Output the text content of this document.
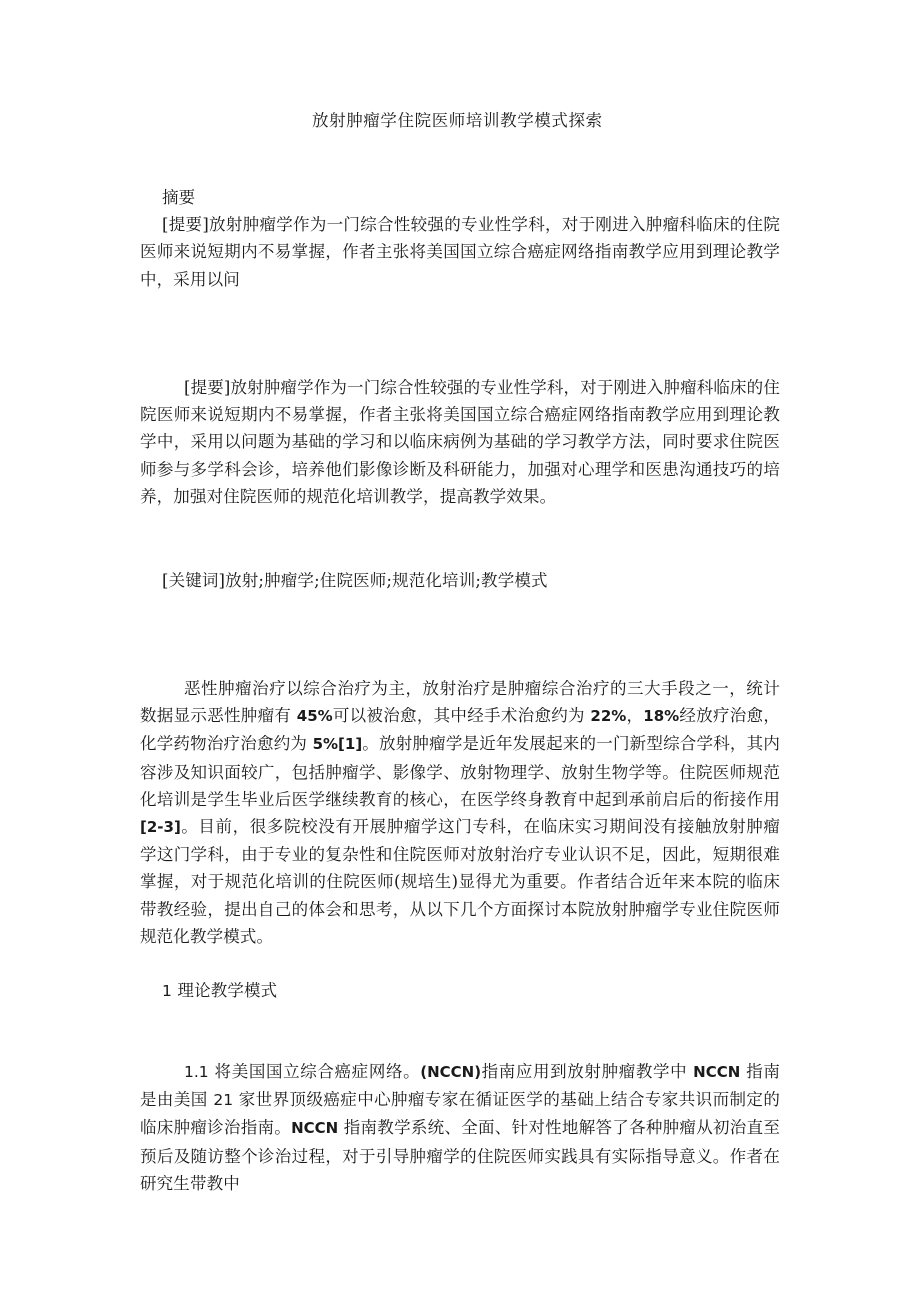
放射肿瘤学住院医师培训教学模式探索

摘要

[提要]放射肿瘤学作为一门综合性较强的专业性学科，对于刚进入肿瘤科临床的住院医师来说短期内不易掌握，作者主张将美国国立综合癌症网络指南教学应用到理论教学中，采用以问

[提要]放射肿瘤学作为一门综合性较强的专业性学科，对于刚进入肿瘤科临床的住院医师来说短期内不易掌握，作者主张将美国国立综合癌症网络指南教学应用到理论教学中，采用以问题为基础的学习和以临床病例为基础的学习教学方法，同时要求住院医师参与多学科会诊，培养他们影像诊断及科研能力，加强对心理学和医患沟通技巧的培养，加强对住院医师的规范化培训教学，提高教学效果。

[关键词]放射;肿瘤学;住院医师;规范化培训;教学模式

恶性肿瘤治疗以综合治疗为主，放射治疗是肿瘤综合治疗的三大手段之一，统计数据显示恶性肿瘤有 45%可以被治愈，其中经手术治愈约为 22%，18%经放疗治愈，化学药物治疗治愈约为 5%[1]。放射肿瘤学是近年发展起来的一门新型综合学科，其内容涉及知识面较广，包括肿瘤学、影像学、放射物理学、放射生物学等。住院医师规范化培训是学生毕业后医学继续教育的核心，在医学终身教育中起到承前启后的衔接作用[2-3]。目前，很多院校没有开展肿瘤学这门专科，在临床实习期间没有接触放射肿瘤学这门学科，由于专业的复杂性和住院医师对放射治疗专业认识不足，因此，短期很难掌握，对于规范化培训的住院医师(规培生)显得尤为重要。作者结合近年来本院的临床带教经验，提出自己的体会和思考，从以下几个方面探讨本院放射肿瘤学专业住院医师规范化教学模式。

1 理论教学模式

1.1 将美国国立综合癌症网络。(NCCN)指南应用到放射肿瘤教学中 NCCN 指南是由美国 21 家世界顶级癌症中心肿瘤专家在循证医学的基础上结合专家共识而制定的临床肿瘤诊治指南。NCCN 指南教学系统、全面、针对性地解答了各种肿瘤从初治直至预后及随访整个诊治过程，对于引导肿瘤学的住院医师实践具有实际指导意义。作者在研究生带教中
